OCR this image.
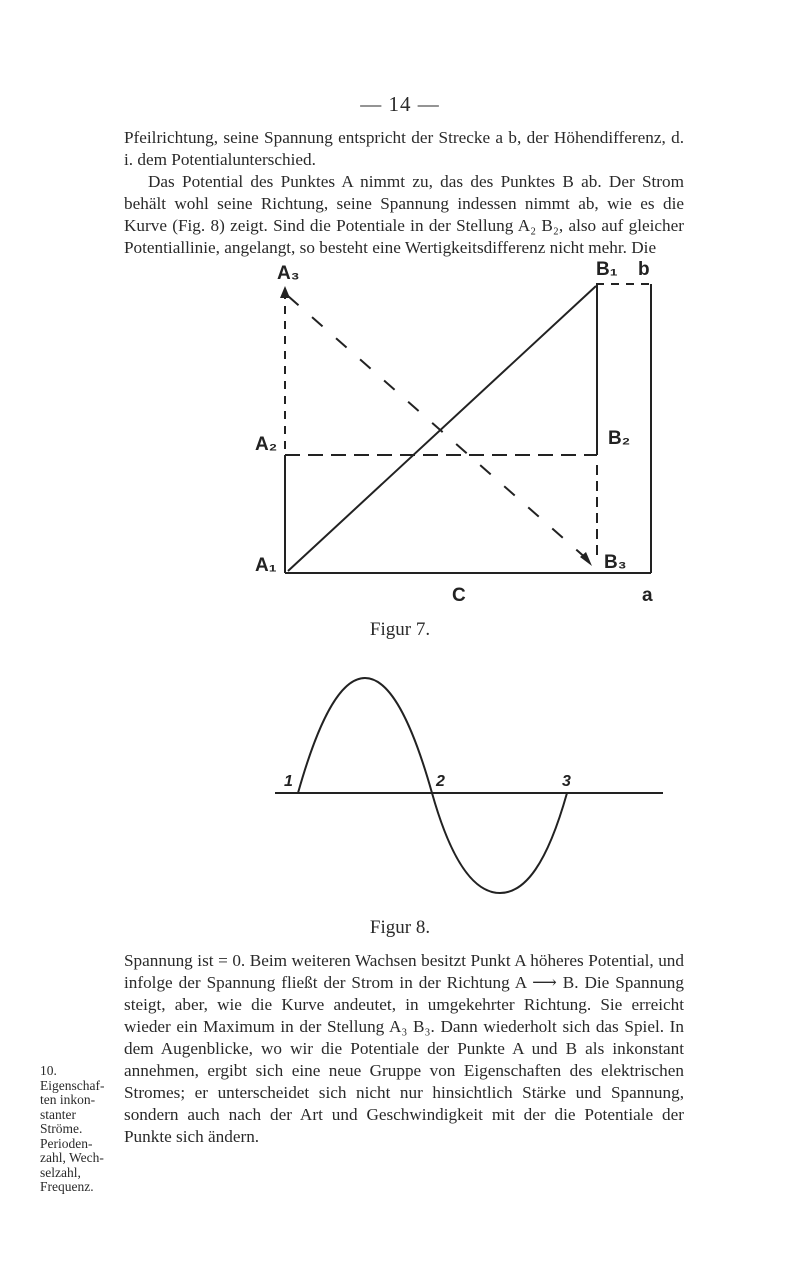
— 14 —

Pfeilrichtung, seine Spannung entspricht der Strecke a b, der Höhendifferenz, d. i. dem Potentialunterschied.

Das Potential des Punktes A nimmt zu, das des Punktes B ab. Der Strom behält wohl seine Richtung, seine Spannung indessen nimmt ab, wie es die Kurve (Fig. 8) zeigt. Sind die Potentiale in der Stellung A₂ B₂, also auf gleicher Potentiallinie, angelangt, so besteht eine Wertigkeitsdifferenz nicht mehr. Die

A₃
A₂
A₁
B₁ b
B₂
B₃
C	a
1	2	3
Figur 7.
Figur 8.

Spannung ist = 0. Beim weiteren Wachsen besitzt Punkt A höheres Potential, und infolge der Spannung fließt der Strom in der Richtung A ⟶ B. Die Spannung steigt, aber, wie die Kurve andeutet, in umgekehrter Richtung. Sie erreicht wieder ein Maximum in der Stellung A₃ B₃. Dann wiederholt sich das Spiel. In dem Augenblicke, wo wir die Potentiale der Punkte A und B als inkonstant annehmen, ergibt sich eine neue Gruppe von Eigenschaften des elektrischen Stromes; er unterscheidet sich nicht nur hinsichtlich Stärke und Spannung, sondern auch nach der Art und Geschwindigkeit mit der die Potentiale der Punkte sich ändern.

10. Eigenschaf-
ten inkon-
stanter
Ströme.
Perioden-
zahl, Wech-
selzahl,
Frequenz.
